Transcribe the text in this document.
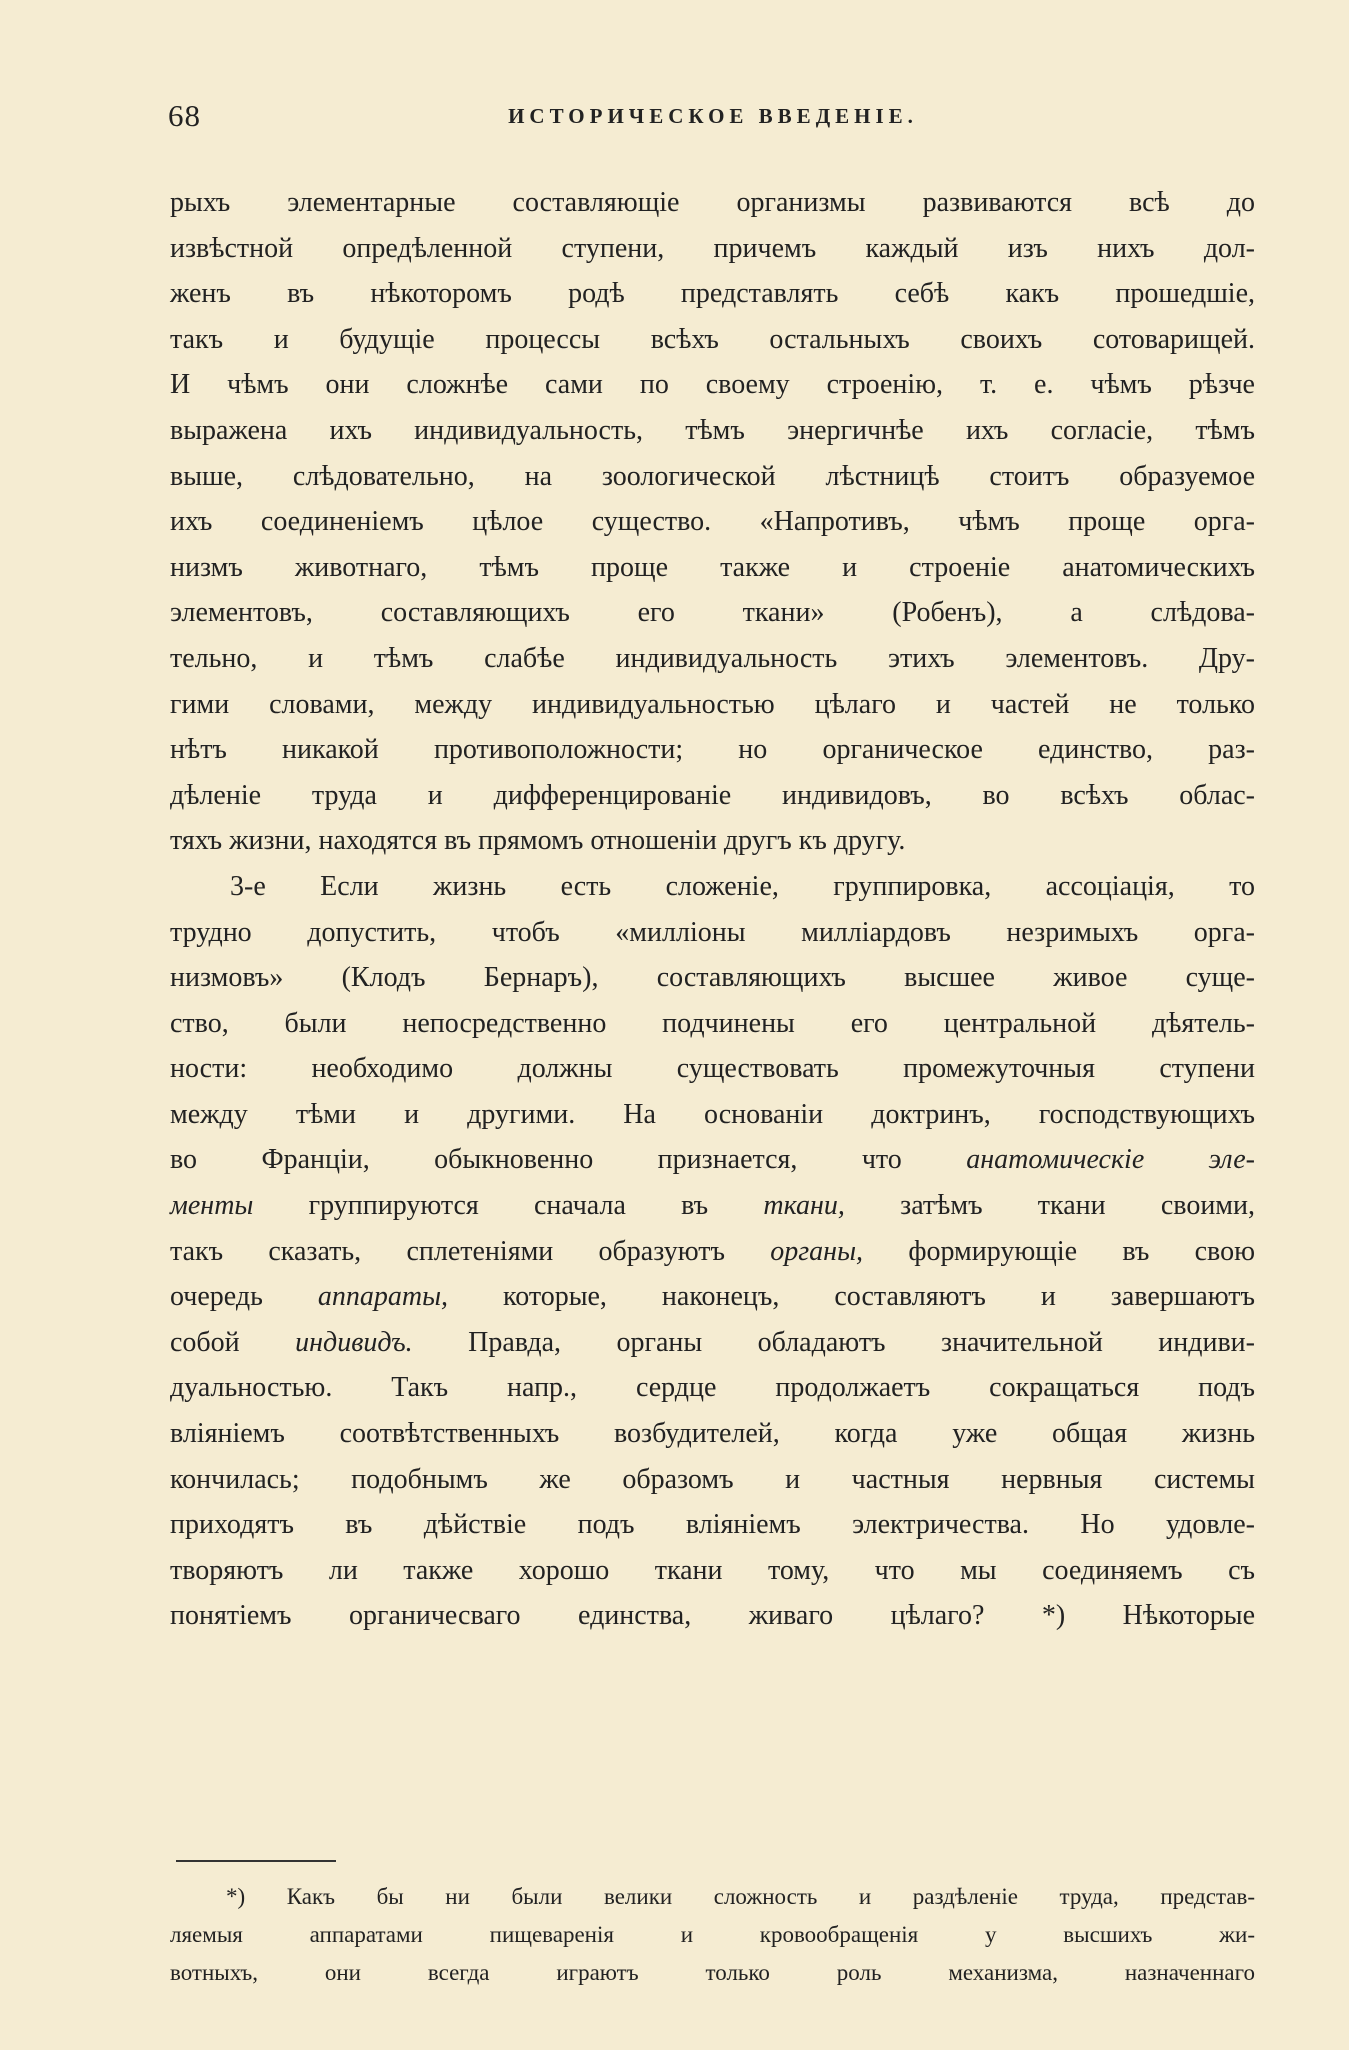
68	ИСТОРИЧЕСКОЕ ВВЕДЕНІЕ.
рыхъ элементарные составляющіе организмы развиваются всѣ до
извѣстной опредѣленной ступени, причемъ каждый изъ нихъ дол-
женъ въ нѣкоторомъ родѣ представлять себѣ какъ прошедшіе,
такъ и будущіе процессы всѣхъ остальныхъ своихъ сотоварищей.
И чѣмъ они сложнѣе сами по своему строенію, т. е. чѣмъ рѣзче
выражена ихъ индивидуальность, тѣмъ энергичнѣе ихъ согласіе, тѣмъ
выше, слѣдовательно, на зоологической лѣстницѣ стоитъ образуемое
ихъ соединеніемъ цѣлое существо. «Напротивъ, чѣмъ проще орга-
низмъ животнаго, тѣмъ проще также и строеніе анатомическихъ
элементовъ, составляющихъ его ткани» (Робенъ), а слѣдова-
тельно, и тѣмъ слабѣе индивидуальность этихъ элементовъ. Дру-
гими словами, между индивидуальностью цѣлаго и частей не только
нѣтъ никакой противоположности; но органическое единство, раз-
дѣленіе труда и дифференцированіе индивидовъ, во всѣхъ облас-
тяхъ жизни, находятся въ прямомъ отношеніи другъ къ другу.
3-е Если жизнь есть сложеніе, группировка, ассоціація, то
трудно допустить, чтобъ «милліоны милліардовъ незримыхъ орга-
низмовъ» (Клодъ Бернаръ), составляющихъ высшее живое суще-
ство, были непосредственно подчинены его центральной дѣятель-
ности: необходимо должны существовать промежуточныя ступени
между тѣми и другими. На основаніи доктринъ, господствующихъ
во Франціи, обыкновенно признается, что анатомическіе эле-
менты группируются сначала въ ткани, затѣмъ ткани своими,
такъ сказать, сплетеніями образуютъ органы, формирующіе въ свою
очередь аппараты, которые, наконецъ, составляютъ и завершаютъ
собой индивидъ. Правда, органы обладаютъ значительной индиви-
дуальностью. Такъ напр., сердце продолжаетъ сокращаться подъ
вліяніемъ соотвѣтственныхъ возбудителей, когда уже общая жизнь
кончилась; подобнымъ же образомъ и частныя нервныя системы
приходятъ въ дѣйствіе подъ вліяніемъ электричества. Но удовле-
творяютъ ли также хорошо ткани тому, что мы соединяемъ съ
понятіемъ органичесваго единства, живаго цѣлаго? *) Нѣкоторые
*) Какъ бы ни были велики сложность и раздѣленіе труда, представ-
ляемыя аппаратами пищеваренія и кровообращенія у высшихъ жи-
вотныхъ, они всегда играютъ только роль механизма, назначеннаго
